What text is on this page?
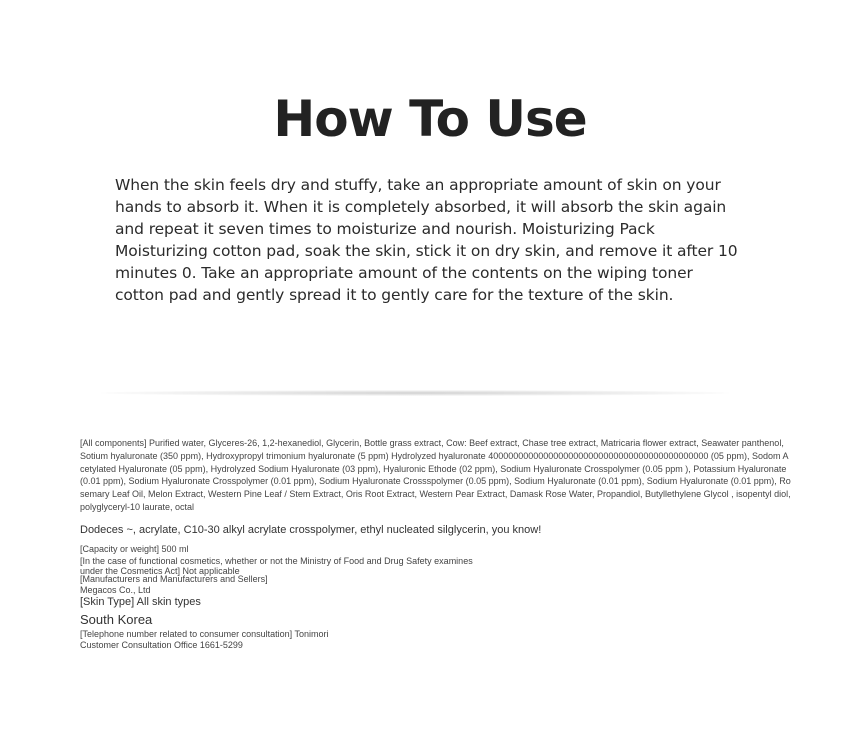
How To Use

When the skin feels dry and stuffy, take an appropriate amount of skin on your hands to absorb it. When it is completely absorbed, it will absorb the skin again and repeat it seven times to moisturize and nourish. Moisturizing Pack Moisturizing cotton pad, soak the skin, stick it on dry skin, and remove it after 10 minutes 0. Take an appropriate amount of the contents on the wiping toner cotton pad and gently spread it to gently care for the texture of the skin.

[All components] Purified water, Glyceres-26, 1,2-hexanediol, Glycerin, Bottle grass extract, Cow: Beef extract, Chase tree extract, Matricaria flower extract, Seawater panthenol, Sotium hyaluronate (350 ppm), Hydroxypropyl trimonium hyaluronate (5 ppm) Hydrolyzed hyaluronate 40000000000000000000000000000000000000000000 (05 ppm), Sodom Acetylated Hyaluronate (05 ppm), Hydrolyzed Sodium Hyaluronate (03 ppm), Hyaluronic Ethode (02 ppm), Sodium Hyaluronate Crosspolymer (0.05 ppm ), Potassium Hyaluronate (0.01 ppm), Sodium Hyaluronate Crosspolymer (0.01 ppm), Sodium Hyaluronate Crossspolymer (0.05 ppm), Sodium Hyaluronate (0.01 ppm), Sodium Hyaluronate (0.01 ppm), Rosemary Leaf Oil, Melon Extract, Western Pine Leaf / Stem Extract, Oris Root Extract, Western Pear Extract, Damask Rose Water, Propandiol, Butyllethylene Glycol , isopentyl diol, polyglyceryl-10 laurate, octal

Dodeces ~, acrylate, C10-30 alkyl acrylate crosspolymer, ethyl nucleated silglycerin, you know!

[Capacity or weight] 500 ml

[In the case of functional cosmetics, whether or not the Ministry of Food and Drug Safety examines

under the Cosmetics Act] Not applicable

[Manufacturers and Manufacturers and Sellers]

Megacos Co., Ltd

[Skin Type] All skin types

South Korea

[Telephone number related to consumer consultation] Tonimori

Customer Consultation Office 1661-5299
